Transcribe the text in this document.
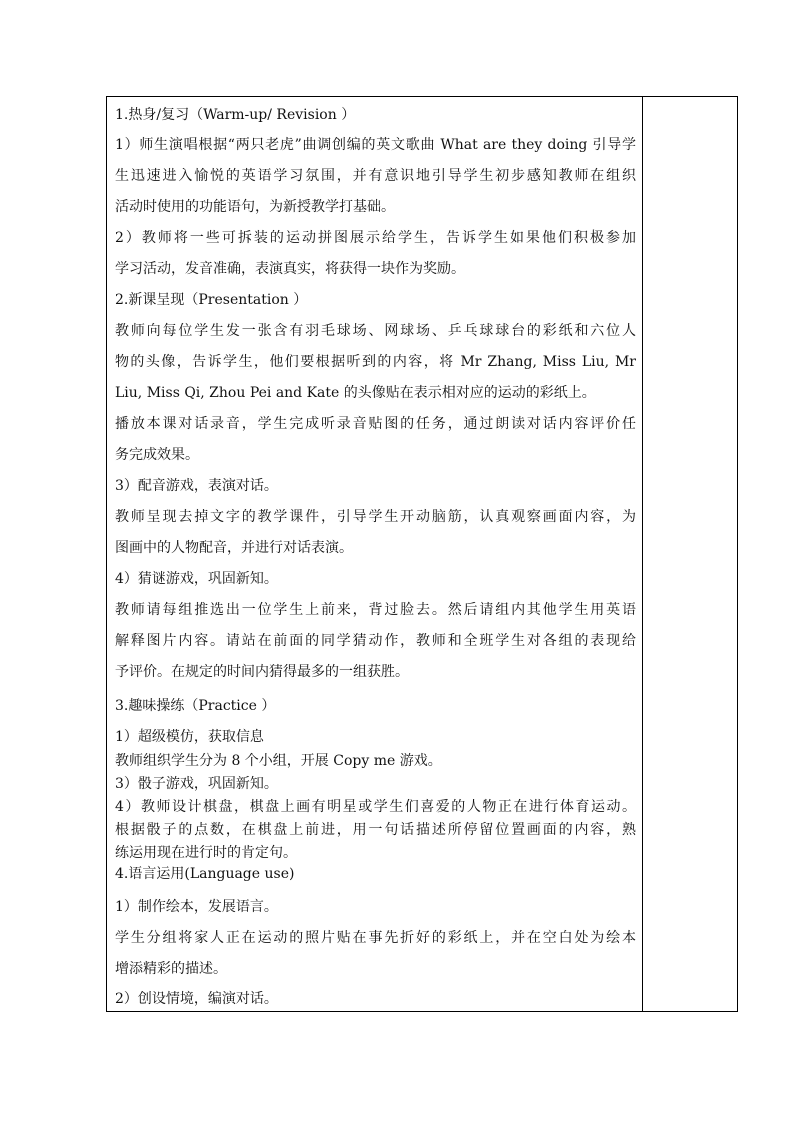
1.热身/复习（Warm-up/ Revision ）
1）师生演唱根据“两只老虎”曲调创编的英文歌曲 What are they doing 引导学
生迅速进入愉悦的英语学习氛围，并有意识地引导学生初步感知教师在组织
活动时使用的功能语句，为新授教学打基础。
2）教师将一些可拆装的运动拼图展示给学生，告诉学生如果他们积极参加
学习活动，发音准确，表演真实，将获得一块作为奖励。
2.新课呈现（Presentation ）
教师向每位学生发一张含有羽毛球场、网球场、乒乓球球台的彩纸和六位人
物的头像，告诉学生，他们要根据听到的内容，将 Mr Zhang, Miss Liu, Mr
Liu, Miss Qi, Zhou Pei and Kate 的头像贴在表示相对应的运动的彩纸上。
播放本课对话录音，学生完成听录音贴图的任务，通过朗读对话内容评价任
务完成效果。
3）配音游戏，表演对话。
教师呈现去掉文字的教学课件，引导学生开动脑筋，认真观察画面内容，为
图画中的人物配音，并进行对话表演。
4）猜谜游戏，巩固新知。
教师请每组推选出一位学生上前来，背过脸去。然后请组内其他学生用英语
解释图片内容。请站在前面的同学猜动作，教师和全班学生对各组的表现给
予评价。在规定的时间内猜得最多的一组获胜。
3.趣味操练（Practice ）
1）超级模仿，获取信息
教师组织学生分为 8 个小组，开展 Copy me 游戏。
3）骰子游戏，巩固新知。
4）教师设计棋盘，棋盘上画有明星或学生们喜爱的人物正在进行体育运动。
根据骰子的点数，在棋盘上前进，用一句话描述所停留位置画面的内容，熟
练运用现在进行时的肯定句。
4.语言运用(Language use)
1）制作绘本，发展语言。
学生分组将家人正在运动的照片贴在事先折好的彩纸上，并在空白处为绘本
增添精彩的描述。
2）创设情境，编演对话。
